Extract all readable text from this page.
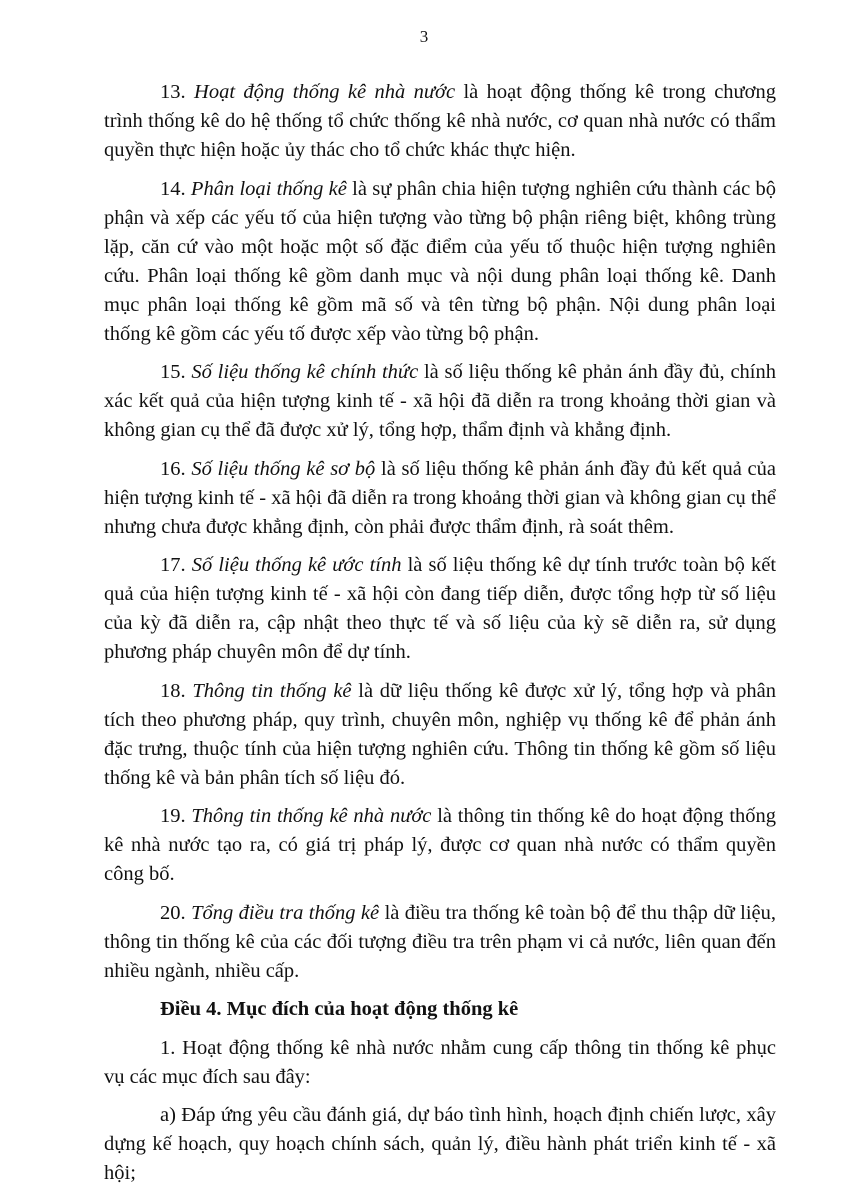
3

13. Hoạt động thống kê nhà nước là hoạt động thống kê trong chương trình thống kê do hệ thống tổ chức thống kê nhà nước, cơ quan nhà nước có thẩm quyền thực hiện hoặc ủy thác cho tổ chức khác thực hiện.

14. Phân loại thống kê là sự phân chia hiện tượng nghiên cứu thành các bộ phận và xếp các yếu tố của hiện tượng vào từng bộ phận riêng biệt, không trùng lặp, căn cứ vào một hoặc một số đặc điểm của yếu tố thuộc hiện tượng nghiên cứu. Phân loại thống kê gồm danh mục và nội dung phân loại thống kê. Danh mục phân loại thống kê gồm mã số và tên từng bộ phận. Nội dung phân loại thống kê gồm các yếu tố được xếp vào từng bộ phận.

15. Số liệu thống kê chính thức là số liệu thống kê phản ánh đầy đủ, chính xác kết quả của hiện tượng kinh tế - xã hội đã diễn ra trong khoảng thời gian và không gian cụ thể đã được xử lý, tổng hợp, thẩm định và khẳng định.

16. Số liệu thống kê sơ bộ là số liệu thống kê phản ánh đầy đủ kết quả của hiện tượng kinh tế - xã hội đã diễn ra trong khoảng thời gian và không gian cụ thể nhưng chưa được khẳng định, còn phải được thẩm định, rà soát thêm.

17. Số liệu thống kê ước tính là số liệu thống kê dự tính trước toàn bộ kết quả của hiện tượng kinh tế - xã hội còn đang tiếp diễn, được tổng hợp từ số liệu của kỳ đã diễn ra, cập nhật theo thực tế và số liệu của kỳ sẽ diễn ra, sử dụng phương pháp chuyên môn để dự tính.

18. Thông tin thống kê là dữ liệu thống kê được xử lý, tổng hợp và phân tích theo phương pháp, quy trình, chuyên môn, nghiệp vụ thống kê để phản ánh đặc trưng, thuộc tính của hiện tượng nghiên cứu. Thông tin thống kê gồm số liệu thống kê và bản phân tích số liệu đó.

19. Thông tin thống kê nhà nước là thông tin thống kê do hoạt động thống kê nhà nước tạo ra, có giá trị pháp lý, được cơ quan nhà nước có thẩm quyền công bố.

20. Tổng điều tra thống kê là điều tra thống kê toàn bộ để thu thập dữ liệu, thông tin thống kê của các đối tượng điều tra trên phạm vi cả nước, liên quan đến nhiều ngành, nhiều cấp.

Điều 4. Mục đích của hoạt động thống kê

1. Hoạt động thống kê nhà nước nhằm cung cấp thông tin thống kê phục vụ các mục đích sau đây:

a) Đáp ứng yêu cầu đánh giá, dự báo tình hình, hoạch định chiến lược, xây dựng kế hoạch, quy hoạch chính sách, quản lý, điều hành phát triển kinh tế - xã hội;
